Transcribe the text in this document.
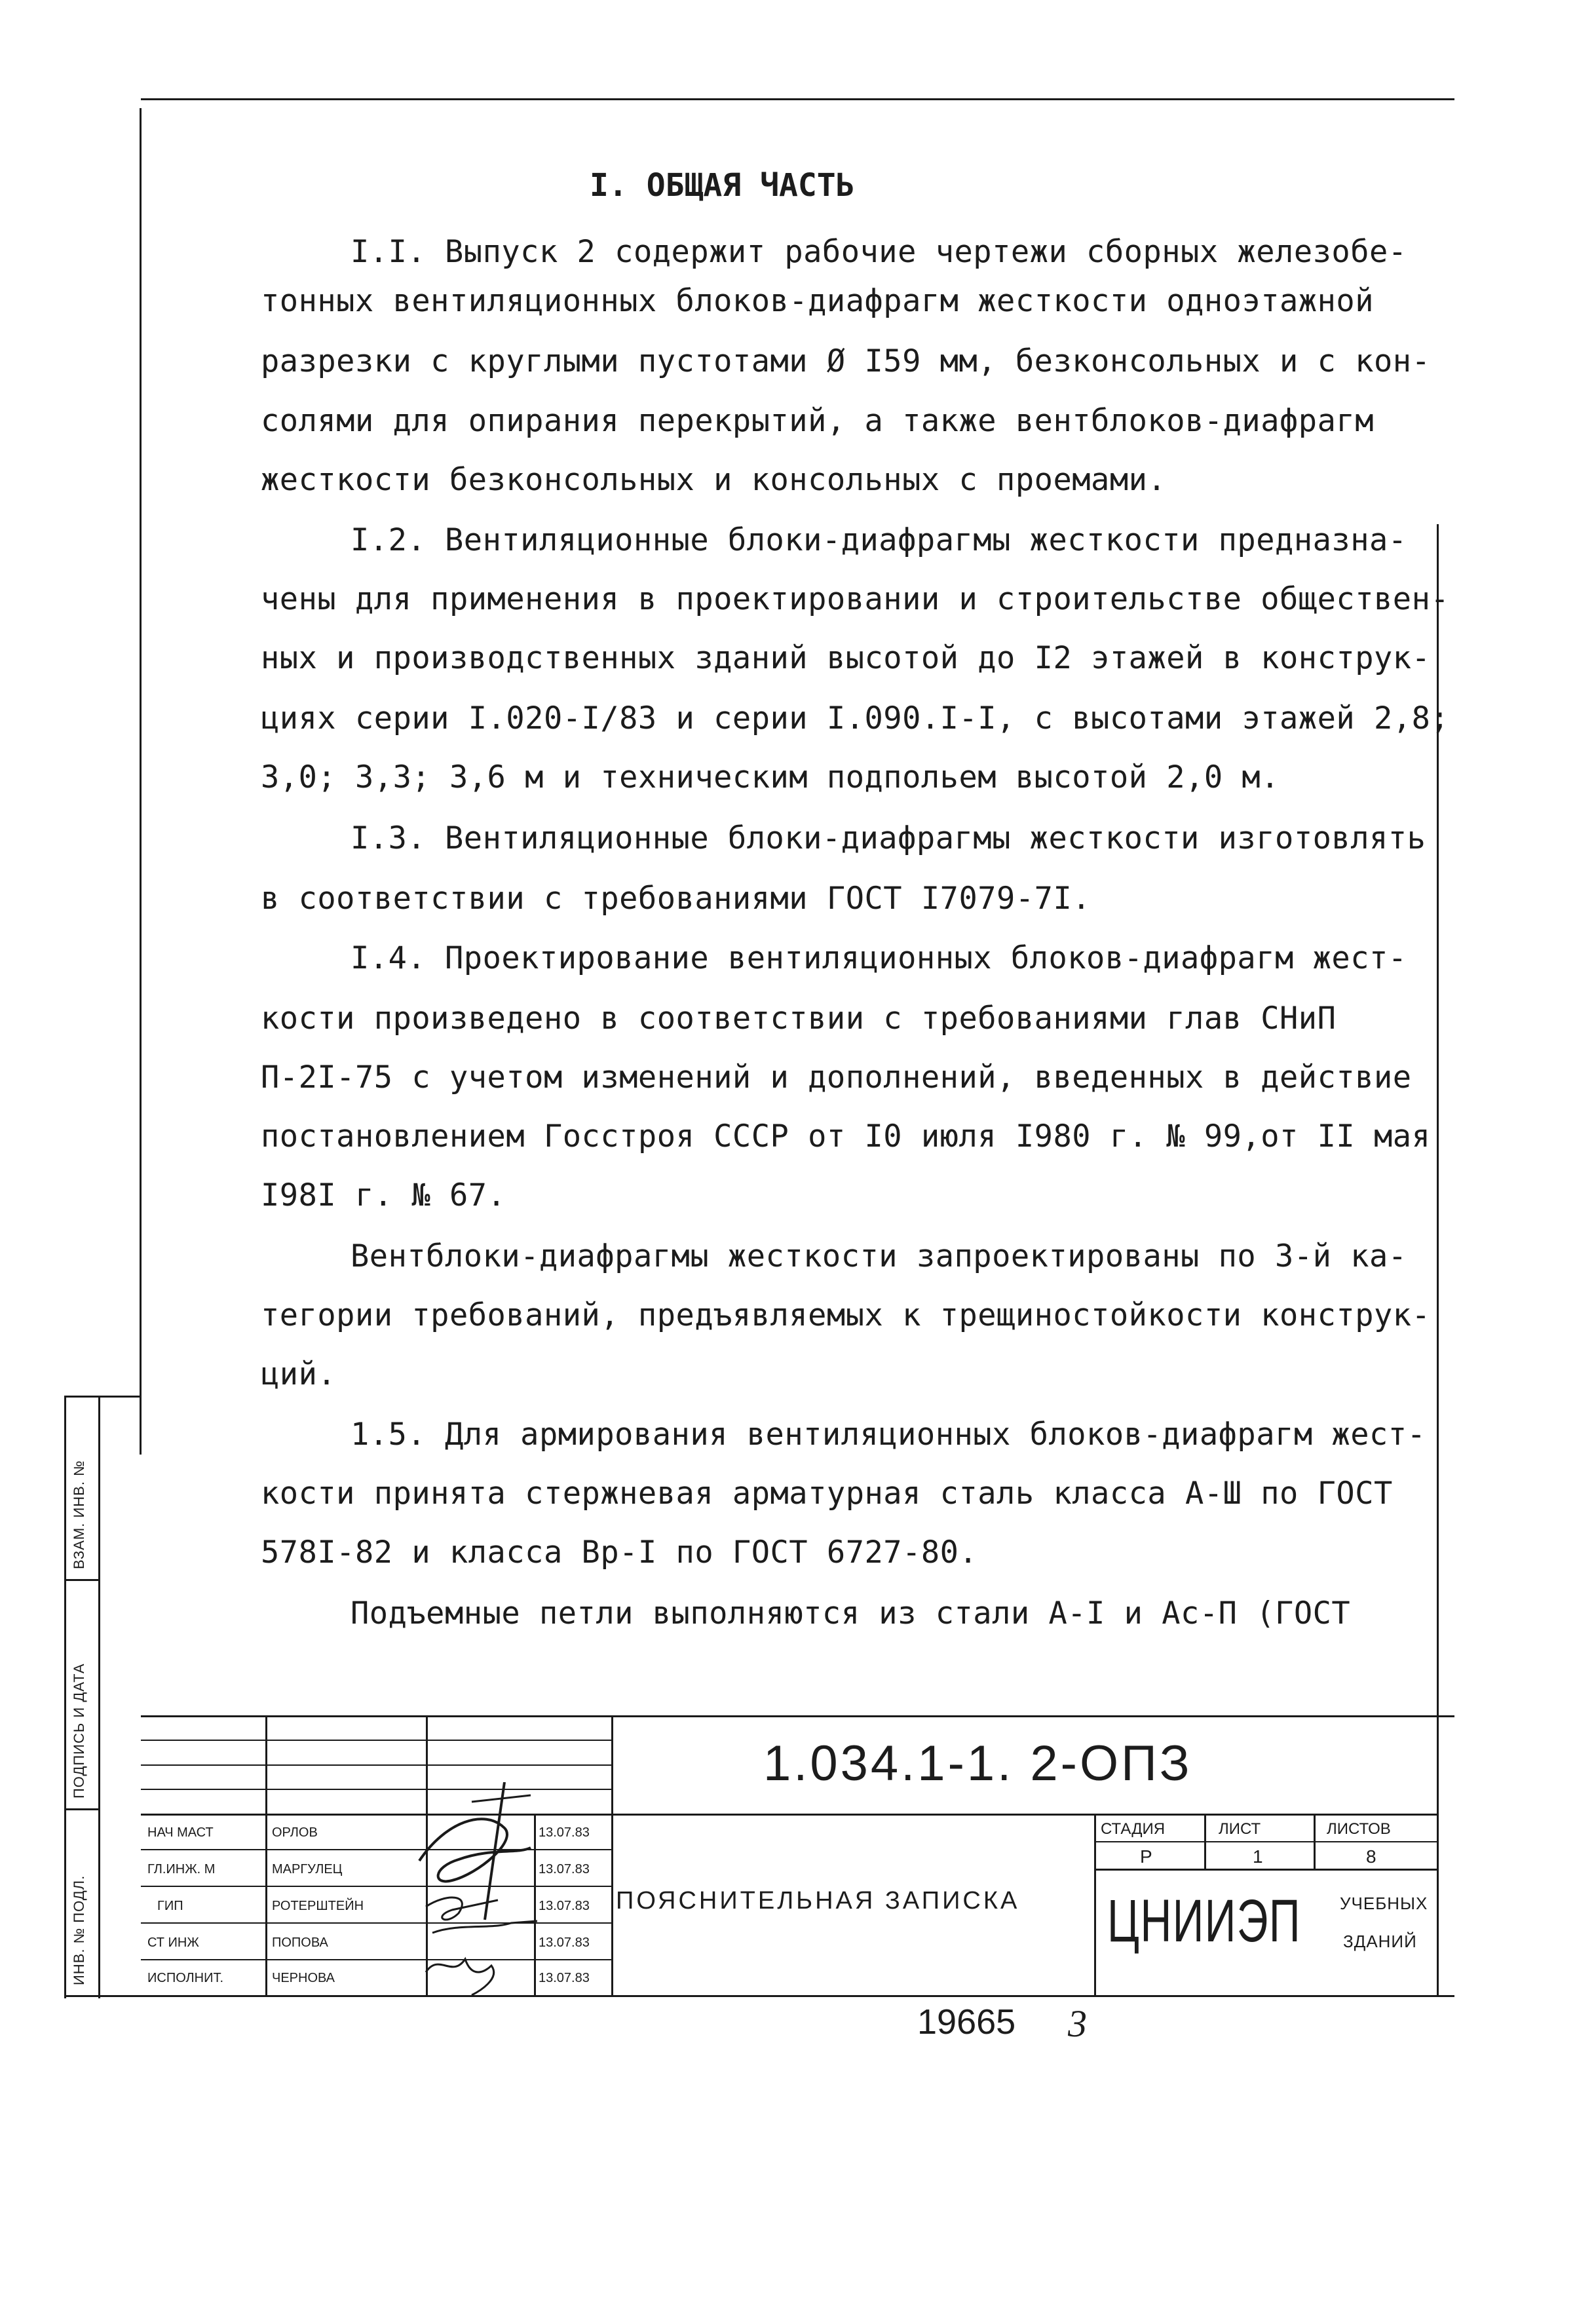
I. ОБЩАЯ ЧАСТЬ
I.I. Выпуск 2 содержит рабочие чертежи сборных железобе-
тонных вентиляционных блоков-диафрагм жесткости одноэтажной
разрезки с круглыми пустотами Ø I59 мм, безконсольных и с кон-
солями для опирания перекрытий, а также вентблоков-диафрагм
жесткости безконсольных и консольных с проемами.
I.2. Вентиляционные блоки-диафрагмы жесткости предназна-
чены для применения в проектировании и строительстве обществен-
ных и производственных зданий высотой до I2 этажей в конструк-
циях серии I.020-I/83 и серии I.090.I-I, с высотами этажей 2,8;
3,0; 3,3; 3,6 м и техническим подпольем высотой 2,0 м.
I.3. Вентиляционные блоки-диафрагмы жесткости изготовлять
в соответствии с требованиями ГОСТ I7079-7I.
I.4. Проектирование вентиляционных блоков-диафрагм жест-
кости произведено в соответствии с требованиями глав СНиП
П-2I-75 с учетом изменений и дополнений, введенных в действие
постановлением Госстроя СССР от I0 июля I980 г. № 99,от II мая
I98I г. № 67.
Вентблоки-диафрагмы жесткости запроектированы по 3-й ка-
тегории требований, предъявляемых к трещиностойкости конструк-
ций.
1.5. Для армирования вентиляционных блоков-диафрагм жест-
кости принята стержневая арматурная сталь класса А-Ш по ГОСТ
578I-82 и класса Вр-I по ГОСТ 6727-80.
Подъемные петли выполняются из стали А-I и Ас-П (ГОСТ
ВЗАМ. ИНВ. №
ПОДПИСЬ И ДАТА
ИНВ. № ПОДЛ.
1.034.1-1. 2-ОПЗ
НАЧ МАСТ	ОРЛОВ	13.07.83
ГЛ.ИНЖ. М	МАРГУЛЕЦ	13.07.83
ГИП	РОТЕРШТЕЙН	13.07.83
СТ ИНЖ	ПОПОВА	13.07.83
ИСПОЛНИТ.	ЧЕРНОВА	13.07.83
ПОЯСНИТЕЛЬНАЯ ЗАПИСКА
СТАДИЯ	ЛИСТ	ЛИСТОВ
Р	1	8
ЦНИИЭП УЧЕБНЫХ
ЗДАНИЙ
19665 3
